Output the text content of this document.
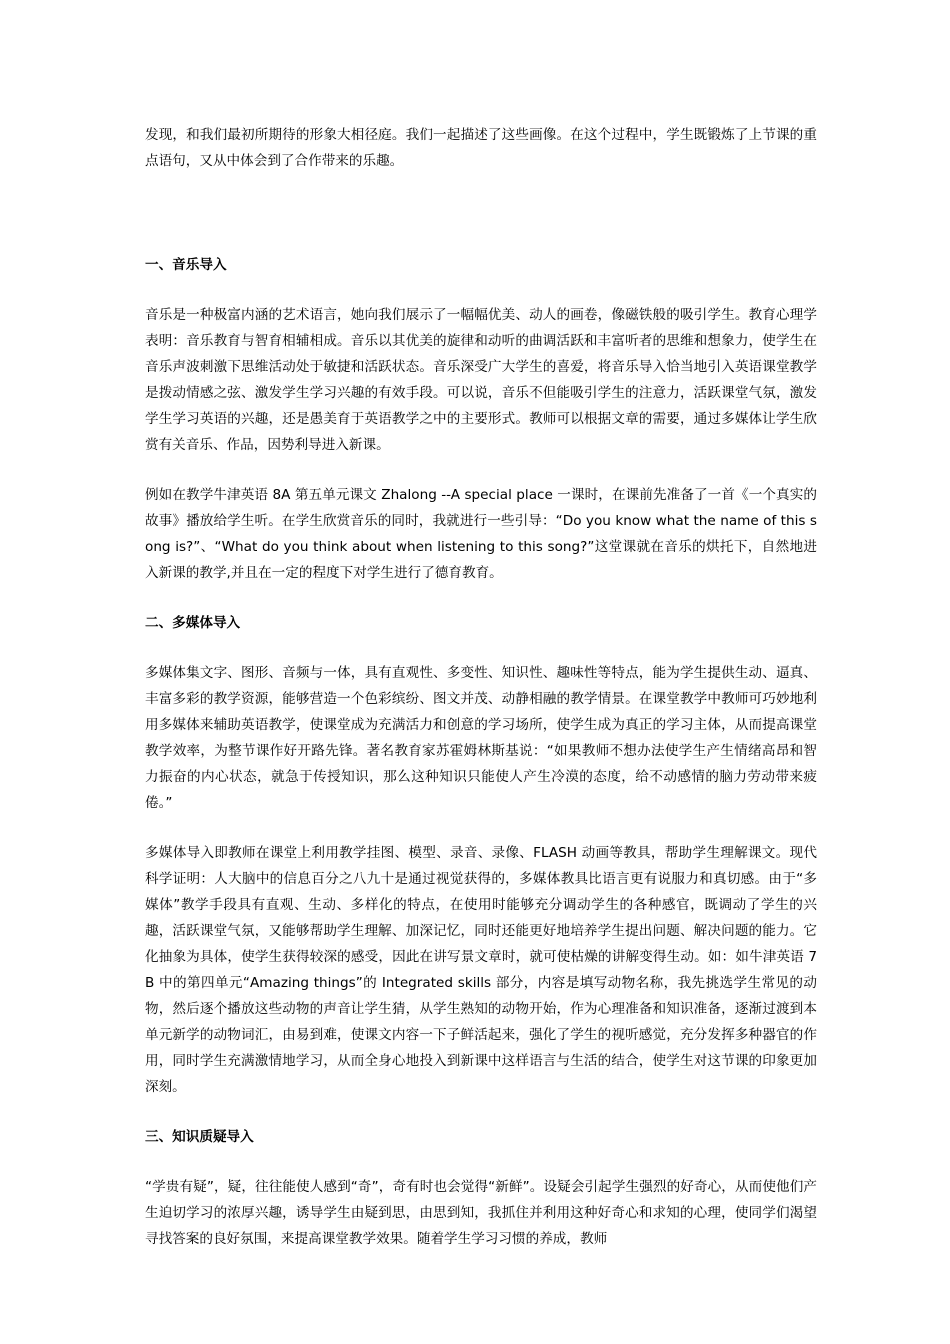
发现，和我们最初所期待的形象大相径庭。我们一起描述了这些画像。在这个过程中，学生既锻炼了上节课的重点语句，又从中体会到了合作带来的乐趣。

一、音乐导入

音乐是一种极富内涵的艺术语言，她向我们展示了一幅幅优美、动人的画卷，像磁铁般的吸引学生。教育心理学表明：音乐教育与智育相辅相成。音乐以其优美的旋律和动听的曲调活跃和丰富听者的思维和想象力，使学生在音乐声波刺激下思维活动处于敏捷和活跃状态。音乐深受广大学生的喜爱，将音乐导入恰当地引入英语课堂教学是拨动情感之弦、激发学生学习兴趣的有效手段。可以说，音乐不但能吸引学生的注意力，活跃课堂气氛，激发学生学习英语的兴趣，还是愚美育于英语教学之中的主要形式。教师可以根据文章的需要，通过多媒体让学生欣赏有关音乐、作品，因势利导进入新课。

例如在教学牛津英语 8A 第五单元课文 Zhalong --A special place 一课时，在课前先准备了一首《一个真实的故事》播放给学生听。在学生欣赏音乐的同时，我就进行一些引导：“Do you know what the name of this song is?”、“What do you think about when listening to this song?”这堂课就在音乐的烘托下，自然地进入新课的教学,并且在一定的程度下对学生进行了德育教育。

二、多媒体导入

多媒体集文字、图形、音频与一体，具有直观性、多变性、知识性、趣味性等特点，能为学生提供生动、逼真、丰富多彩的教学资源，能够营造一个色彩缤纷、图文并茂、动静相融的教学情景。在课堂教学中教师可巧妙地利用多媒体来辅助英语教学，使课堂成为充满活力和创意的学习场所，使学生成为真正的学习主体，从而提高课堂教学效率，为整节课作好开路先锋。著名教育家苏霍姆林斯基说：“如果教师不想办法使学生产生情绪高昂和智力振奋的内心状态，就急于传授知识，那么这种知识只能使人产生冷漠的态度，给不动感情的脑力劳动带来疲倦。”

多媒体导入即教师在课堂上利用教学挂图、模型、录音、录像、FLASH 动画等教具，帮助学生理解课文。现代科学证明：人大脑中的信息百分之八九十是通过视觉获得的，多媒体教具比语言更有说服力和真切感。由于“多媒体”教学手段具有直观、生动、多样化的特点，在使用时能够充分调动学生的各种感官，既调动了学生的兴趣，活跃课堂气氛，又能够帮助学生理解、加深记忆，同时还能更好地培养学生提出问题、解决问题的能力。它化抽象为具体，使学生获得较深的感受，因此在讲写景文章时，就可使枯燥的讲解变得生动。如：如牛津英语 7B 中的第四单元“Amazing things”的 Integrated skills 部分，内容是填写动物名称，我先挑选学生常见的动物，然后逐个播放这些动物的声音让学生猜，从学生熟知的动物开始，作为心理准备和知识准备，逐渐过渡到本单元新学的动物词汇，由易到难，使课文内容一下子鲜活起来，强化了学生的视听感觉，充分发挥多种器官的作用，同时学生充满激情地学习，从而全身心地投入到新课中这样语言与生活的结合，使学生对这节课的印象更加深刻。

三、知识质疑导入

“学贵有疑”，疑，往往能使人感到“奇”，奇有时也会觉得“新鲜”。设疑会引起学生强烈的好奇心，从而使他们产生迫切学习的浓厚兴趣，诱导学生由疑到思，由思到知，我抓住并利用这种好奇心和求知的心理，使同学们渴望寻找答案的良好氛围，来提高课堂教学效果。随着学生学习习惯的养成，教师
